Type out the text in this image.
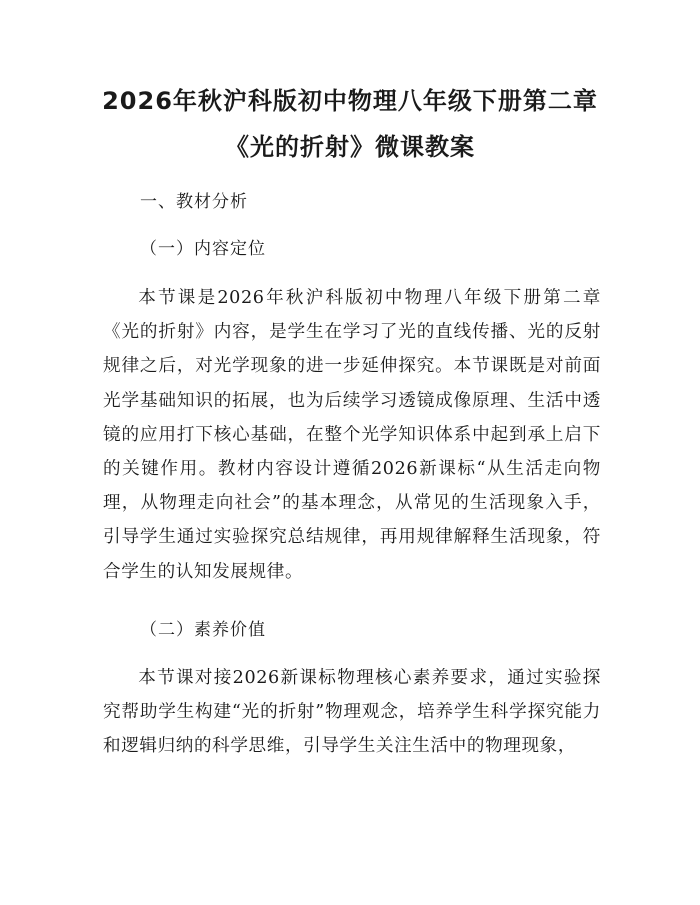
2026年秋沪科版初中物理八年级下册第二章
《光的折射》微课教案
一、教材分析
（一）内容定位

本节课是2026年秋沪科版初中物理八年级下册第二章《光的折射》内容，是学生在学习了光的直线传播、光的反射规律之后，对光学现象的进一步延伸探究。本节课既是对前面光学基础知识的拓展，也为后续学习透镜成像原理、生活中透镜的应用打下核心基础，在整个光学知识体系中起到承上启下的关键作用。教材内容设计遵循2026新课标“从生活走向物理，从物理走向社会”的基本理念，从常见的生活现象入手，引导学生通过实验探究总结规律，再用规律解释生活现象，符合学生的认知发展规律。

（二）素养价值

本节课对接2026新课标物理核心素养要求，通过实验探究帮助学生构建“光的折射”物理观念，培养学生科学探究能力和逻辑归纳的科学思维，引导学生关注生活中的物理现象，
